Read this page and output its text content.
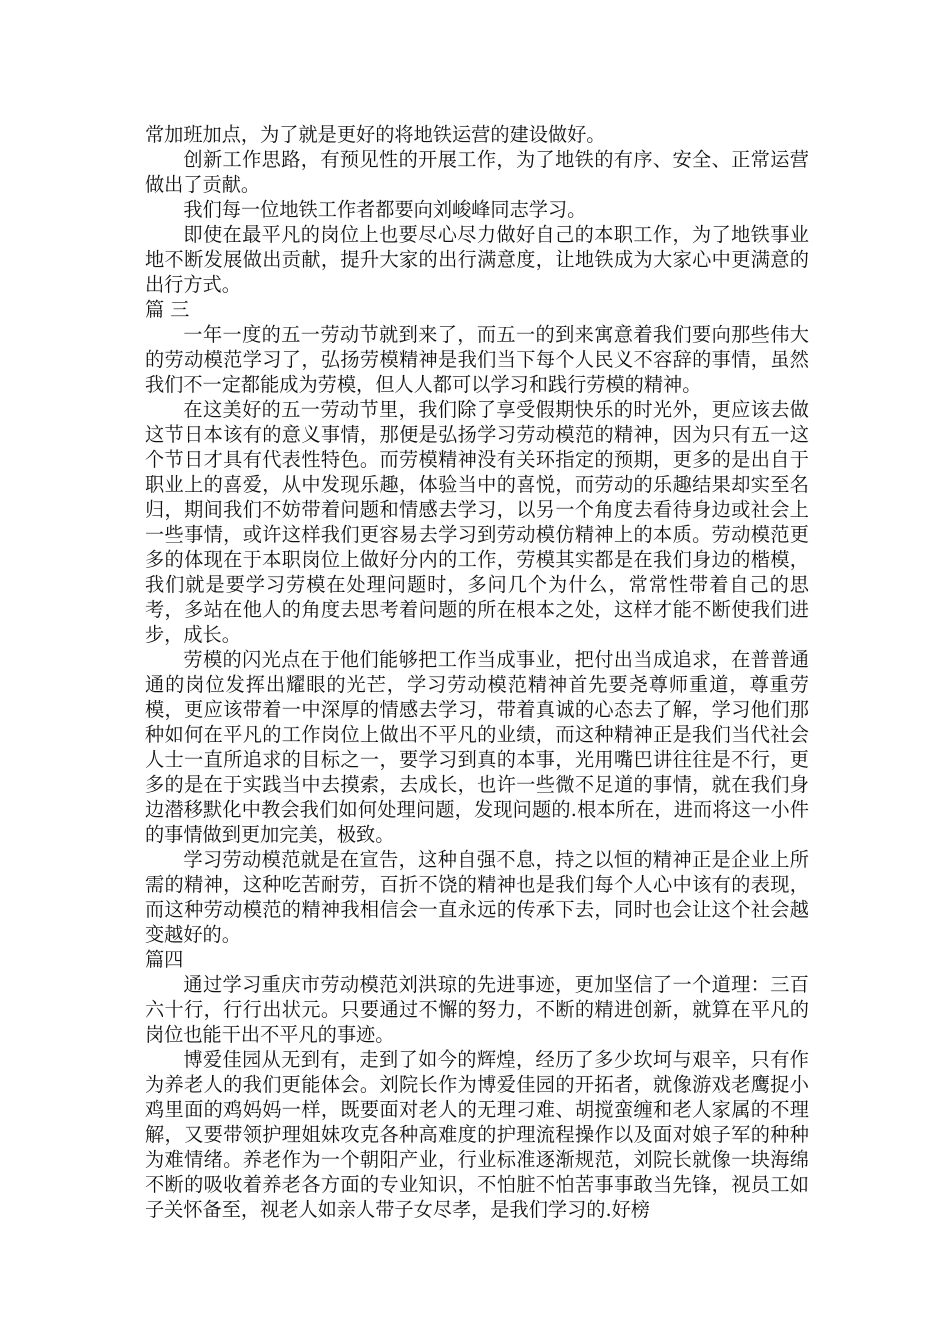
常加班加点，为了就是更好的将地铁运营的建设做好。

创新工作思路，有预见性的开展工作，为了地铁的有序、安全、正常运营做出了贡献。

我们每一位地铁工作者都要向刘峻峰同志学习。

即使在最平凡的岗位上也要尽心尽力做好自己的本职工作，为了地铁事业地不断发展做出贡献，提升大家的出行满意度，让地铁成为大家心中更满意的出行方式。

篇 三

一年一度的五一劳动节就到来了，而五一的到来寓意着我们要向那些伟大的劳动模范学习了，弘扬劳模精神是我们当下每个人民义不容辞的事情，虽然我们不一定都能成为劳模，但人人都可以学习和践行劳模的精神。

在这美好的五一劳动节里，我们除了享受假期快乐的时光外，更应该去做这节日本该有的意义事情，那便是弘扬学习劳动模范的精神，因为只有五一这个节日才具有代表性特色。而劳模精神没有关环指定的预期，更多的是出自于职业上的喜爱，从中发现乐趣，体验当中的喜悦，而劳动的乐趣结果却实至名归，期间我们不妨带着问题和情感去学习，以另一个角度去看待身边或社会上一些事情，或许这样我们更容易去学习到劳动模仿精神上的本质。劳动模范更多的体现在于本职岗位上做好分内的工作，劳模其实都是在我们身边的楷模，我们就是要学习劳模在处理问题时，多问几个为什么，常常性带着自己的思考，多站在他人的角度去思考着问题的所在根本之处，这样才能不断使我们进步，成长。

劳模的闪光点在于他们能够把工作当成事业，把付出当成追求，在普普通通的岗位发挥出耀眼的光芒，学习劳动模范精神首先要尧尊师重道，尊重劳模，更应该带着一中深厚的情感去学习，带着真诚的心态去了解，学习他们那种如何在平凡的工作岗位上做出不平凡的业绩，而这种精神正是我们当代社会人士一直所追求的目标之一，要学习到真的本事，光用嘴巴讲往往是不行，更多的是在于实践当中去摸索，去成长，也许一些微不足道的事情，就在我们身边潜移默化中教会我们如何处理问题，发现问题的.根本所在，进而将这一小件的事情做到更加完美，极致。

学习劳动模范就是在宣告，这种自强不息，持之以恒的精神正是企业上所需的精神，这种吃苦耐劳，百折不饶的精神也是我们每个人心中该有的表现，而这种劳动模范的精神我相信会一直永远的传承下去，同时也会让这个社会越变越好的。

篇四

通过学习重庆市劳动模范刘洪琼的先进事迹，更加坚信了一个道理：三百六十行，行行出状元。只要通过不懈的努力，不断的精进创新，就算在平凡的岗位也能干出不平凡的事迹。

博爱佳园从无到有，走到了如今的辉煌，经历了多少坎坷与艰辛，只有作为养老人的我们更能体会。刘院长作为博爱佳园的开拓者，就像游戏老鹰捉小鸡里面的鸡妈妈一样，既要面对老人的无理刁难、胡搅蛮缠和老人家属的不理解，又要带领护理姐妹攻克各种高难度的护理流程操作以及面对娘子军的种种为难情绪。养老作为一个朝阳产业，行业标准逐渐规范，刘院长就像一块海绵不断的吸收着养老各方面的专业知识，不怕脏不怕苦事事敢当先锋，视员工如子关怀备至，视老人如亲人带子女尽孝，是我们学习的.好榜
